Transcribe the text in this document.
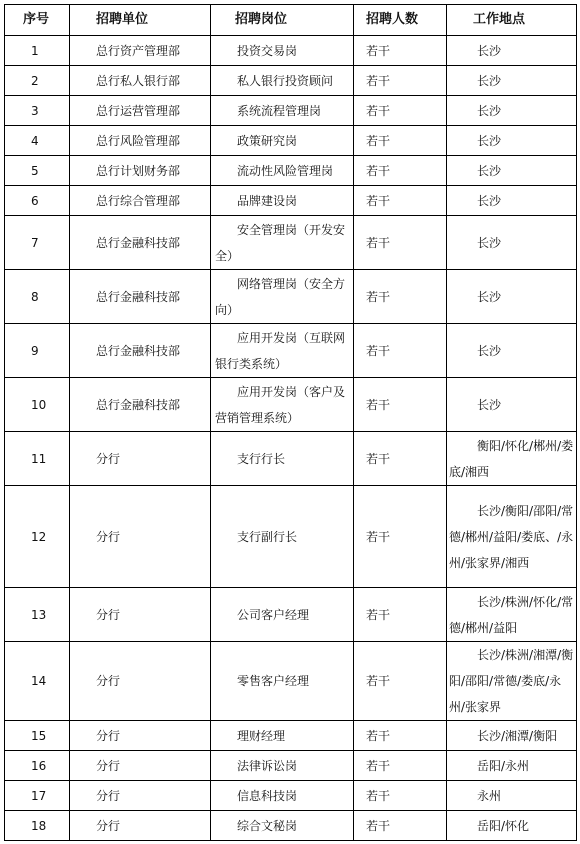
序号	招聘单位	招聘岗位	招聘人数	工作地点
1	总行资产管理部	投资交易岗	若干	长沙
2	总行私人银行部	私人银行投资顾问	若干	长沙
3	总行运营管理部	系统流程管理岗	若干	长沙
4	总行风险管理部	政策研究岗	若干	长沙
5	总行计划财务部	流动性风险管理岗	若干	长沙
6	总行综合管理部	品牌建设岗	若干	长沙
7	总行金融科技部	安全管理岗（开发安全）	若干	长沙
8	总行金融科技部	网络管理岗（安全方向）	若干	长沙
9	总行金融科技部	应用开发岗（互联网银行类系统）	若干	长沙
10	总行金融科技部	应用开发岗（客户及营销管理系统）	若干	长沙
11	分行	支行行长	若干	衡阳/怀化/郴州/娄底/湘西
12	分行	支行副行长	若干	长沙/衡阳/邵阳/常德/郴州/益阳/娄底、/永州/张家界/湘西
13	分行	公司客户经理	若干	长沙/株洲/怀化/常德/郴州/益阳
14	分行	零售客户经理	若干	长沙/株洲/湘潭/衡阳/邵阳/常德/娄底/永州/张家界
15	分行	理财经理	若干	长沙/湘潭/衡阳
16	分行	法律诉讼岗	若干	岳阳/永州
17	分行	信息科技岗	若干	永州
18	分行	综合文秘岗	若干	岳阳/怀化
